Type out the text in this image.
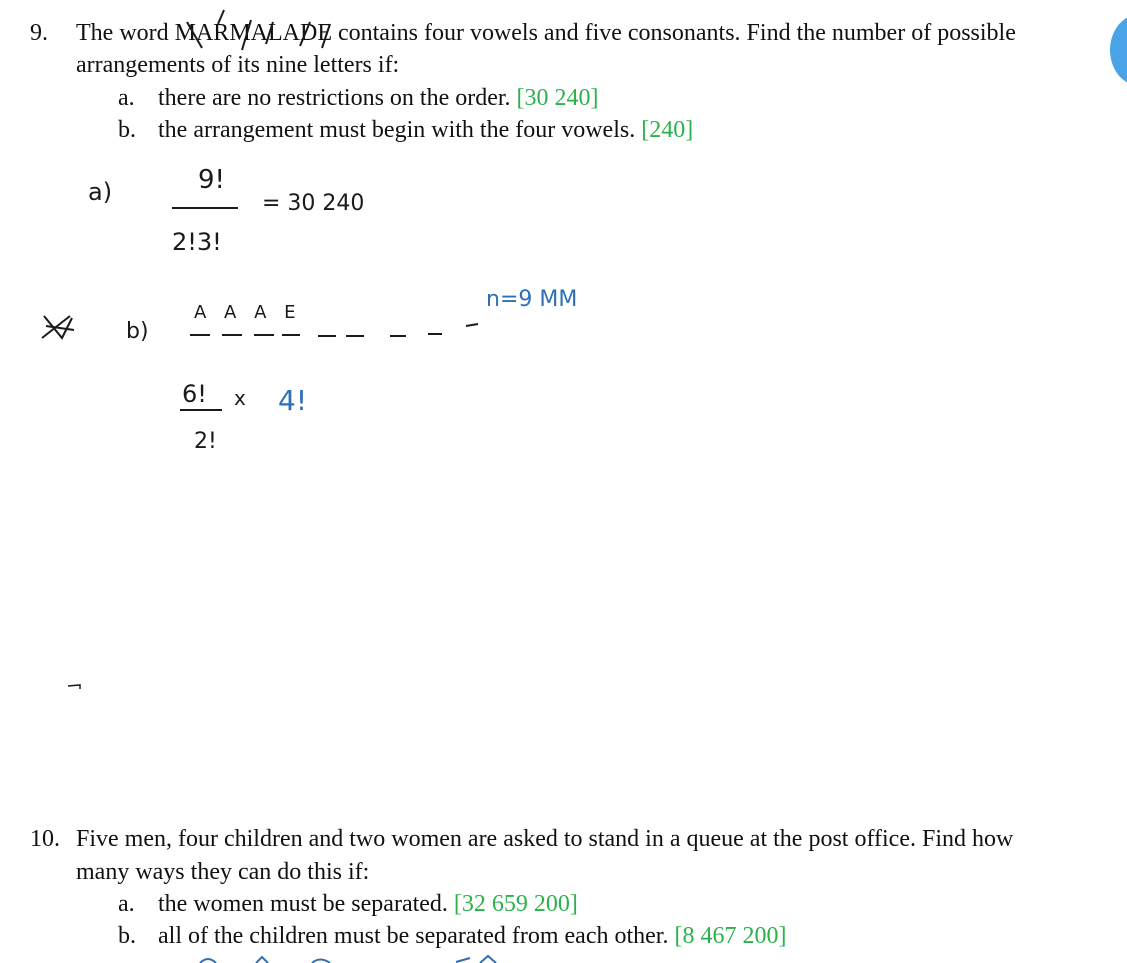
9. The word MARMALADE contains four vowels and five consonants. Find the number of possible
arrangements of its nine letters if:
a. there are no restrictions on the order. [30 240]
b. the arrangement must begin with the four vowels. [240]
10. Five men, four children and two women are asked to stand in a queue at the post office. Find how
many ways they can do this if:
a. the women must be separated. [32 659 200]
b. all of the children must be separated from each other. [8 467 200]
a)	9!
2!3!
= 30 240
b)
A A A E
n=9 MM
6! x 4!
2!
